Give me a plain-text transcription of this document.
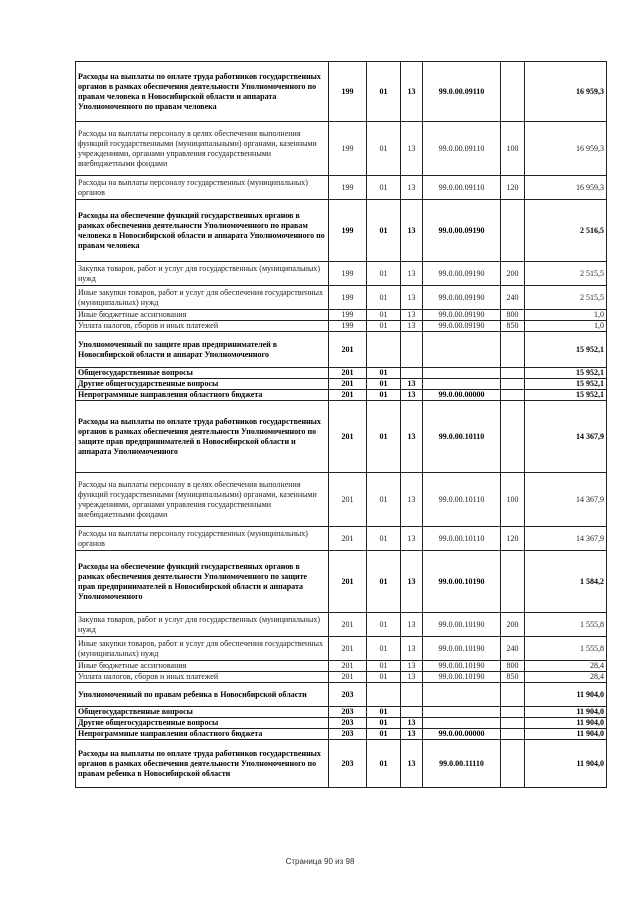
Расходы на выплаты по оплате труда работников государственных органов в рамках обеспечения деятельности Уполномоченного по правам человека в Новосибирской области и аппарата Уполномоченного по правам человека	199	01	13	99.0.00.09110		16 959,3
Расходы на выплаты персоналу в целях обеспечения выполнения функций государственными (муниципальными) органами, казенными учреждениями, органами управления государственными внебюджетными фондами	199	01	13	99.0.00.09110	100	16 959,3
Расходы на выплаты персоналу государственных (муниципальных) органов	199	01	13	99.0.00.09110	120	16 959,3
Расходы на обеспечение функций государственных органов в рамках обеспечения деятельности Уполномоченного по правам человека в Новосибирской области и аппарата Уполномоченного по правам человека	199	01	13	99.0.00.09190		2 516,5
Закупка товаров, работ и услуг для государственных (муниципальных) нужд	199	01	13	99.0.00.09190	200	2 515,5
Иные закупки товаров, работ и услуг для обеспечения государственных (муниципальных) нужд	199	01	13	99.0.00.09190	240	2 515,5
Иные бюджетные ассигнования	199	01	13	99.0.00.09190	800	1,0
Уплата налогов, сборов и иных платежей	199	01	13	99.0.00.09190	850	1,0
Уполномоченный по защите прав предпринимателей в Новосибирской области и аппарат Уполномоченного	201					15 952,1
Общегосударственные вопросы	201	01				15 952,1
Другие общегосударственные вопросы	201	01	13			15 952,1
Непрограммные направления областного бюджета	201	01	13	99.0.00.00000		15 952,1
Расходы на выплаты по оплате труда работников государственных органов в рамках обеспечения деятельности Уполномоченного по защите прав предпринимателей в Новосибирской области и аппарата Уполномоченного	201	01	13	99.0.00.10110		14 367,9
Расходы на выплаты персоналу в целях обеспечения выполнения функций государственными (муниципальными) органами, казенными учреждениями, органами управления государственными внебюджетными фондами	201	01	13	99.0.00.10110	100	14 367,9
Расходы на выплаты персоналу государственных (муниципальных) органов	201	01	13	99.0.00.10110	120	14 367,9
Расходы на обеспечение функций государственных органов в рамках обеспечения деятельности Уполномоченного по защите прав предпринимателей в Новосибирской области и аппарата Уполномоченного	201	01	13	99.0.00.10190		1 584,2
Закупка товаров, работ и услуг для государственных (муниципальных) нужд	201	01	13	99.0.00.10190	200	1 555,8
Иные закупки товаров, работ и услуг для обеспечения государственных (муниципальных) нужд	201	01	13	99.0.00.10190	240	1 555,8
Иные бюджетные ассигнования	201	01	13	99.0.00.10190	800	28,4
Уплата налогов, сборов и иных платежей	201	01	13	99.0.00.10190	850	28,4
Уполномоченный по правам ребенка в Новосибирской области	203					11 904,0
Общегосударственные вопросы	203	01				11 904,0
Другие общегосударственные вопросы	203	01	13			11 904,0
Непрограммные направления областного бюджета	203	01	13	99.0.00.00000		11 904,0
Расходы на выплаты по оплате труда работников государственных органов в рамках обеспечения деятельности Уполномоченного по правам ребенка в Новосибирской области	203	01	13	99.0.00.11110		11 904,0
Страница 90 из 98
